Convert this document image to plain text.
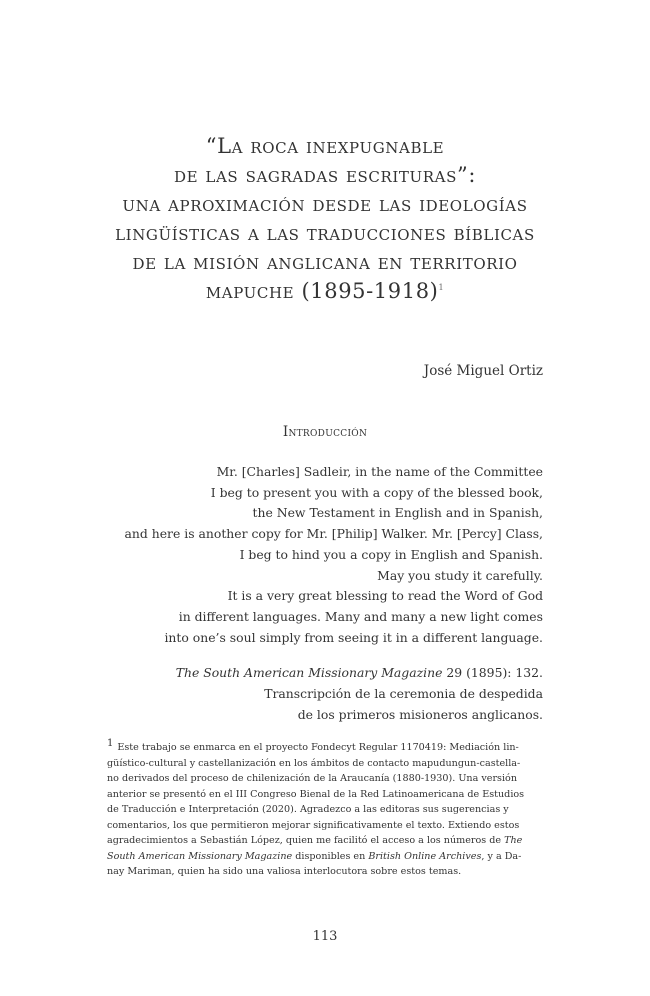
“La roca inexpugnable
de las sagradas escrituras”:
una aproximación desde las ideologías
lingüísticas a las traducciones bíblicas
de la misión anglicana en territorio
mapuche (1895-1918)$^1$
José Miguel Ortiz
Introducción
Mr. [Charles] Sadleir, in the name of the Committee
I beg to present you with a copy of the blessed book,
the New Testament in English and in Spanish,
and here is another copy for Mr. [Philip] Walker. Mr. [Percy] Class,
I beg to hind you a copy in English and Spanish.
May you study it carefully.
It is a very great blessing to read the Word of God
in different languages. Many and many a new light comes
into one’s soul simply from seeing it in a different language.
The South American Missionary Magazine 29 (1895): 132.
Transcripción de la ceremonia de despedida
de los primeros misioneros anglicanos.
1 Este trabajo se enmarca en el proyecto Fondecyt Regular 1170419: Mediación lin-
güístico-cultural y castellanización en los ámbitos de contacto mapudungun-castella-
no derivados del proceso de chilenización de la Araucanía (1880-1930). Una versión
anterior se presentó en el III Congreso Bienal de la Red Latinoamericana de Estudios
de Traducción e Interpretación (2020). Agradezco a las editoras sus sugerencias y
comentarios, los que permitieron mejorar significativamente el texto. Extiendo estos
agradecimientos a Sebastián López, quien me facilitó el acceso a los números de The
South American Missionary Magazine disponibles en British Online Archives, y a Da-
nay Mariman, quien ha sido una valiosa interlocutora sobre estos temas.
113
